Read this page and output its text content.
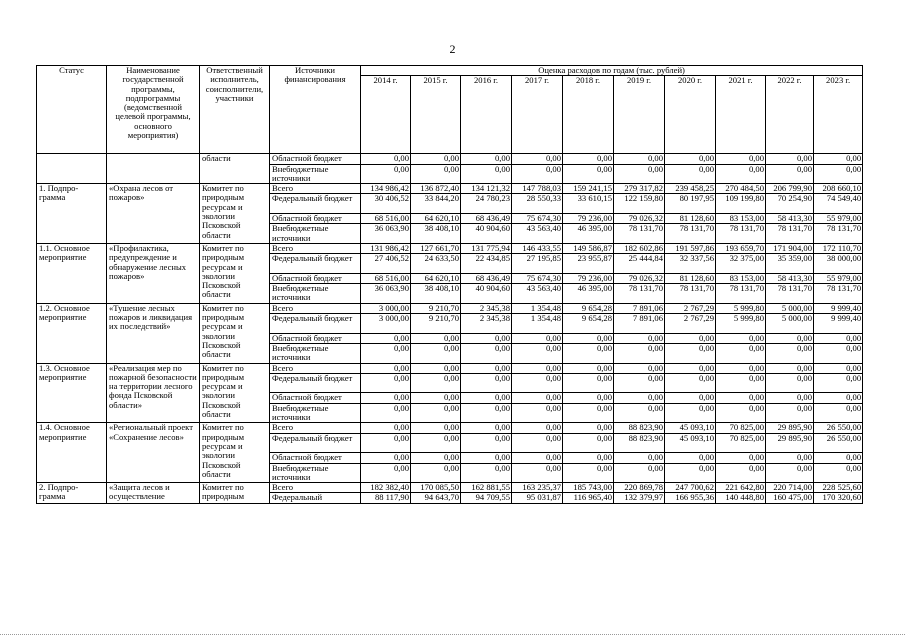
2
Статус	Наименование государственной программы, подпрограммы (ведомственной целевой программы, основного мероприятия)	Ответственный исполнитель, соисполнители, участники	Источники финансирования	Оценка расходов по годам (тыс. рублей)									
				2014 г.	2015 г.	2016 г.	2017 г.	2018 г.	2019 г.	2020 г.	2021 г.	2022 г.	2023 г.
		области	Областной бюджет	0,00	0,00	0,00	0,00	0,00	0,00	0,00	0,00	0,00	0,00
			Внебюджетные источники	0,00	0,00	0,00	0,00	0,00	0,00	0,00	0,00	0,00	0,00
1. Подпро-грамма	«Охрана лесов от пожаров»	Комитет по природным ресурсам и экологии Псковской области	Всего	134 986,42	136 872,40	134 121,32	147 788,03	159 241,15	279 317,82	239 458,25	270 484,50	206 799,90	208 660,10
			Федеральный бюджет	30 406,52	33 844,20	24 780,23	28 550,33	33 610,15	122 159,80	80 197,95	109 199,80	70 254,90	74 549,40
			Областной бюджет	68 516,00	64 620,10	68 436,49	75 674,30	79 236,00	79 026,32	81 128,60	83 153,00	58 413,30	55 979,00
			Внебюджетные источники	36 063,90	38 408,10	40 904,60	43 563,40	46 395,00	78 131,70	78 131,70	78 131,70	78 131,70	78 131,70
1.1. Основное мероприятие	«Профилактика, предупреждение и обнаружение лесных пожаров»	Комитет по природным ресурсам и экологии Псковской области	Всего	131 986,42	127 661,70	131 775,94	146 433,55	149 586,87	182 602,86	191 597,86	193 659,70	171 904,00	172 110,70
			Федеральный бюджет	27 406,52	24 633,50	22 434,85	27 195,85	23 955,87	25 444,84	32 337,56	32 375,00	35 359,00	38 000,00
			Областной бюджет	68 516,00	64 620,10	68 436,49	75 674,30	79 236,00	79 026,32	81 128,60	83 153,00	58 413,30	55 979,00
			Внебюджетные источники	36 063,90	38 408,10	40 904,60	43 563,40	46 395,00	78 131,70	78 131,70	78 131,70	78 131,70	78 131,70
1.2. Основное мероприятие	«Тушение лесных пожаров и ликвидация их последствий»	Комитет по природным ресурсам и экологии Псковской области	Всего	3 000,00	9 210,70	2 345,38	1 354,48	9 654,28	7 891,06	2 767,29	5 999,80	5 000,00	9 999,40
			Федеральный бюджет	3 000,00	9 210,70	2 345,38	1 354,48	9 654,28	7 891,06	2 767,29	5 999,80	5 000,00	9 999,40
			Областной бюджет	0,00	0,00	0,00	0,00	0,00	0,00	0,00	0,00	0,00	0,00
			Внебюджетные источники	0,00	0,00	0,00	0,00	0,00	0,00	0,00	0,00	0,00	0,00
1.3. Основное мероприятие	«Реализация мер по пожарной безопасности на территории лесного фонда Псковской области»	Комитет по природным ресурсам и экологии Псковской области	Всего	0,00	0,00	0,00	0,00	0,00	0,00	0,00	0,00	0,00	0,00
			Федеральный бюджет	0,00	0,00	0,00	0,00	0,00	0,00	0,00	0,00	0,00	0,00
			Областной бюджет	0,00	0,00	0,00	0,00	0,00	0,00	0,00	0,00	0,00	0,00
			Внебюджетные источники	0,00	0,00	0,00	0,00	0,00	0,00	0,00	0,00	0,00	0,00
1.4. Основное мероприятие	«Региональный проект «Сохранение лесов»	Комитет по природным ресурсам и экологии Псковской области	Всего	0,00	0,00	0,00	0,00	0,00	88 823,90	45 093,10	70 825,00	29 895,90	26 550,00
			Федеральный бюджет	0,00	0,00	0,00	0,00	0,00	88 823,90	45 093,10	70 825,00	29 895,90	26 550,00
			Областной бюджет	0,00	0,00	0,00	0,00	0,00	0,00	0,00	0,00	0,00	0,00
			Внебюджетные источники	0,00	0,00	0,00	0,00	0,00	0,00	0,00	0,00	0,00	0,00
2. Подпро-грамма	«Защита лесов и осуществление	Комитет по природным	Всего	182 382,40	170 085,50	162 881,55	163 235,37	185 743,00	220 869,78	247 700,62	221 642,80	220 714,00	228 525,60
			Федеральный	88 117,90	94 643,70	94 709,55	95 031,87	116 965,40	132 379,97	166 955,36	140 448,80	160 475,00	170 320,60
